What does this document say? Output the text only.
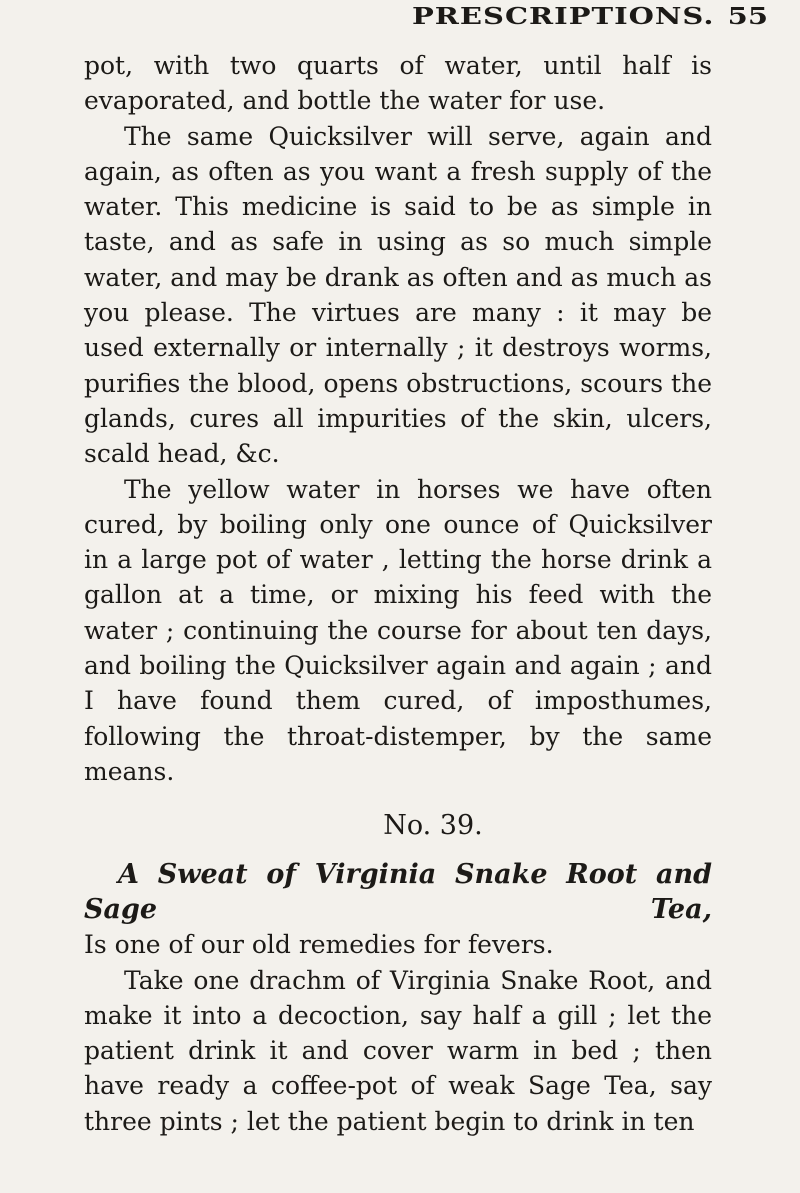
PRESCRIPTIONS. 55

pot, with two quarts of water, until half is evaporated, and bottle the water for use.

The same Quicksilver will serve, again and again, as often as you want a fresh supply of the water. This medicine is said to be as simple in taste, and as safe in using as so much simple water, and may be drank as often and as much as you please. The virtues are many : it may be used externally or internally ; it destroys worms, purifies the blood, opens obstructions, scours the glands, cures all impurities of the skin, ulcers, scald head, &c.

The yellow water in horses we have often cured, by boiling only one ounce of Quicksilver in a large pot of water , letting the horse drink a gallon at a time, or mixing his feed with the water ; continuing the course for about ten days, and boiling the Quicksilver again and again ; and I have found them cured, of imposthumes, following the throat-distemper, by the same means.

No. 39.

A Sweat of Virginia Snake Root and Sage Tea,

Is one of our old remedies for fevers.

Take one drachm of Virginia Snake Root, and make it into a decoction, say half a gill ; let the patient drink it and cover warm in bed ; then have ready a coffee-pot of weak Sage Tea, say three pints ; let the patient begin to drink in ten
